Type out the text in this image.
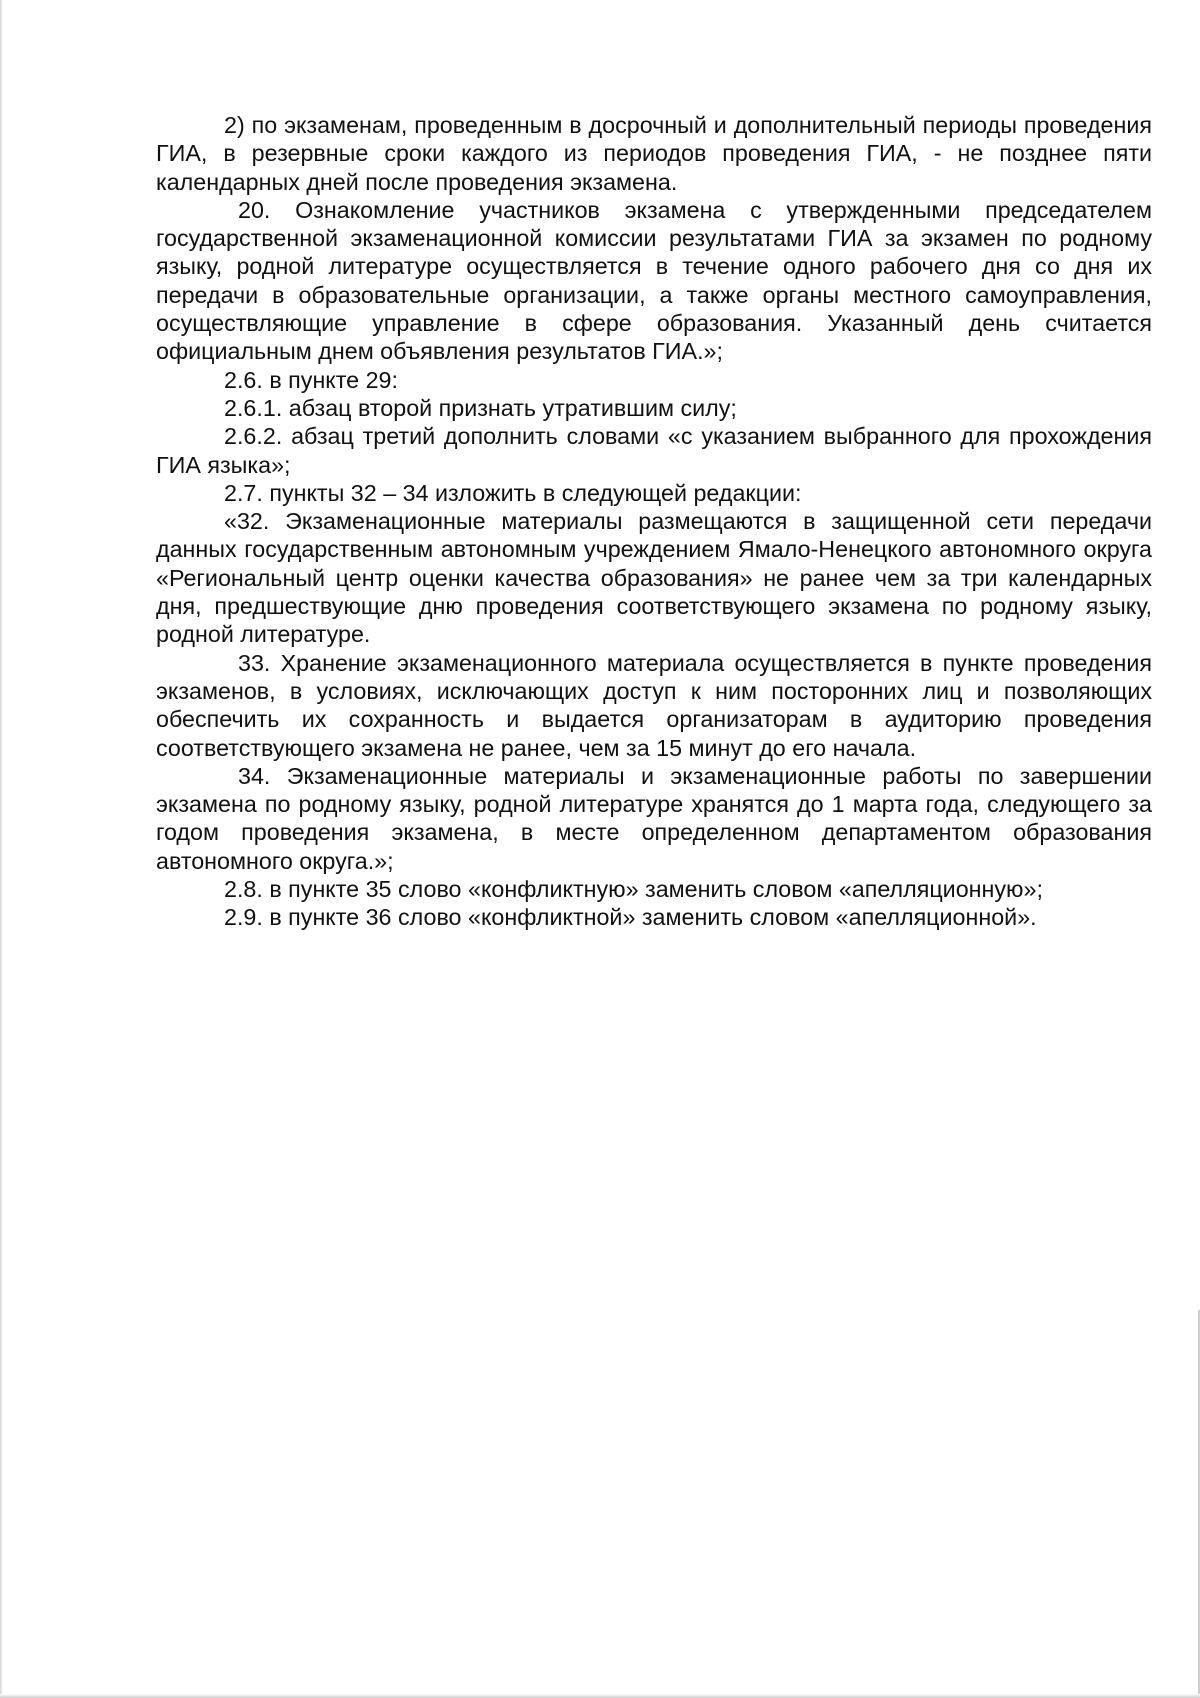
2) по экзаменам, проведенным в досрочный и дополнительный периоды проведения ГИА, в резервные сроки каждого из периодов проведения ГИА, - не позднее пяти календарных дней после проведения экзамена.

20. Ознакомление участников экзамена с утвержденными председателем государственной экзаменационной комиссии результатами ГИА за экзамен по родному языку, родной литературе осуществляется в течение одного рабочего дня со дня их передачи в образовательные организации, а также органы местного самоуправления, осуществляющие управление в сфере образования. Указанный день считается официальным днем объявления результатов ГИА.»;

2.6. в пункте 29:

2.6.1. абзац второй признать утратившим силу;

2.6.2. абзац третий дополнить словами «с указанием выбранного для прохождения ГИА языка»;

2.7. пункты 32 – 34 изложить в следующей редакции:

«32. Экзаменационные материалы размещаются в защищенной сети передачи данных государственным автономным учреждением Ямало-Ненецкого автономного округа «Региональный центр оценки качества образования» не ранее чем за три календарных дня, предшествующие дню проведения соответствующего экзамена по родному языку, родной литературе.

33. Хранение экзаменационного материала осуществляется в пункте проведения экзаменов, в условиях, исключающих доступ к ним посторонних лиц и позволяющих обеспечить их сохранность и выдается организаторам в аудиторию проведения соответствующего экзамена не ранее, чем за 15 минут до его начала.

34. Экзаменационные материалы и экзаменационные работы по завершении экзамена по родному языку, родной литературе хранятся до 1 марта года, следующего за годом проведения экзамена, в месте определенном департаментом образования автономного округа.»;

2.8. в пункте 35 слово «конфликтную» заменить словом «апелляционную»;

2.9. в пункте 36 слово «конфликтной» заменить словом «апелляционной».
